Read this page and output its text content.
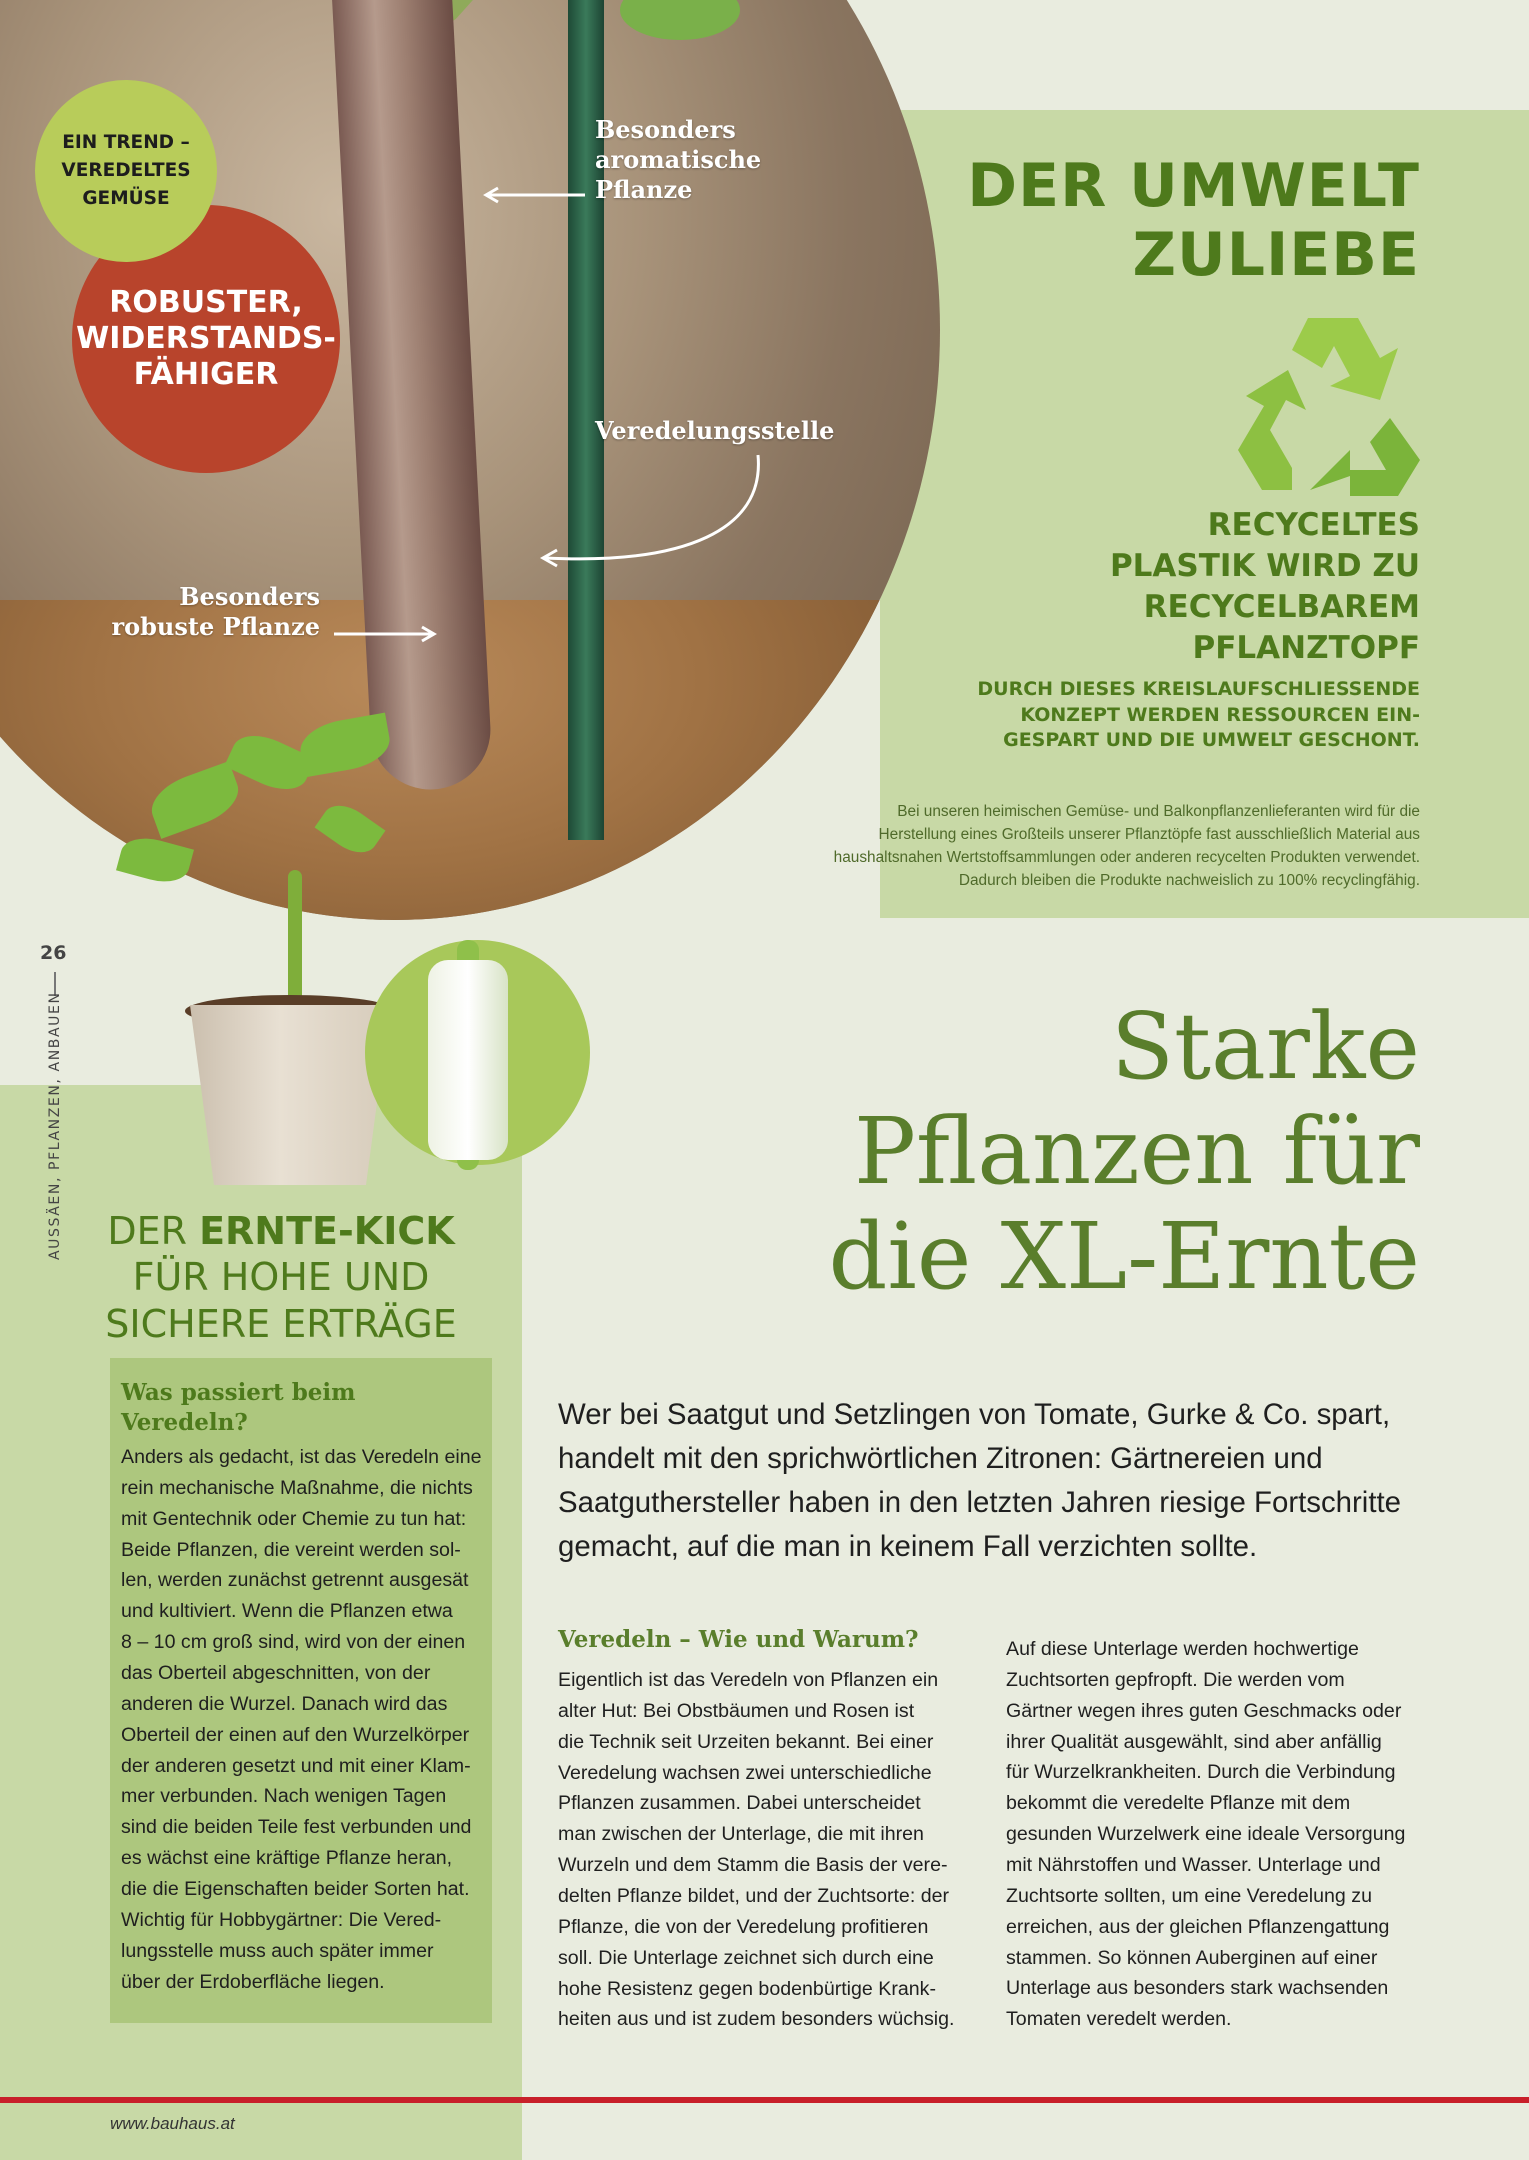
Besonders
aromatische
Pflanze
Veredelungsstelle
Besonders
robuste Pflanze
ROBUSTER,
WIDERSTANDS-
FÄHIGER
EIN TREND –
VEREDELTES
GEMÜSE	DER UMWELT
ZULIEBE
RECYCELTES
PLASTIK WIRD ZU
RECYCELBAREM
PFLANZTOPF
DURCH DIESES KREISLAUFSCHLIESSENDE
KONZEPT WERDEN RESSOURCEN EIN-
GESPART UND DIE UMWELT GESCHONT.
Bei unseren heimischen Gemüse- und Balkonpflanzenlieferanten wird für die
Herstellung eines Großteils unserer Pflanztöpfe fast ausschließlich Material aus
haushaltsnahen Wertstoffsammlungen oder anderen recycelten Produkten verwendet.
Dadurch bleiben die Produkte nachweislich zu 100% recyclingfähig.
26
DER ERNTE-KICK
FÜR HOHE UND
SICHERE ERTRÄGE
Was passiert beim
Veredeln?
Anders als gedacht, ist das Veredeln eine
rein mechanische Maßnahme, die nichts
mit Gentechnik oder Chemie zu tun hat:
Beide Pflanzen, die vereint werden sol-
len, werden zunächst getrennt ausgesät
und kultiviert. Wenn die Pflanzen etwa
8 – 10 cm groß sind, wird von der einen
das Oberteil abgeschnitten, von der
anderen die Wurzel. Danach wird das
Oberteil der einen auf den Wurzelkörper
der anderen gesetzt und mit einer Klam-
mer verbunden. Nach wenigen Tagen
sind die beiden Teile fest verbunden und
es wächst eine kräftige Pflanze heran,
die die Eigenschaften beider Sorten hat.
Wichtig für Hobbygärtner: Die Vered-
lungsstelle muss auch später immer
über der Erdoberfläche liegen.
Starke
Pflanzen für
die XL-Ernte
Wer bei Saatgut und Setzlingen von Tomate, Gurke & Co. spart,
handelt mit den sprichwörtlichen Zitronen: Gärtnereien und
Saatguthersteller haben in den letzten Jahren riesige Fortschritte
gemacht, auf die man in keinem Fall verzichten sollte.
Veredeln – Wie und Warum?
Eigentlich ist das Veredeln von Pflanzen ein
alter Hut: Bei Obstbäumen und Rosen ist
die Technik seit Urzeiten bekannt. Bei einer
Veredelung wachsen zwei unterschiedliche
Pflanzen zusammen. Dabei unterscheidet
man zwischen der Unterlage, die mit ihren
Wurzeln und dem Stamm die Basis der vere-
delten Pflanze bildet, und der Zuchtsorte: der
Pflanze, die von der Veredelung profitieren
soll. Die Unterlage zeichnet sich durch eine
hohe Resistenz gegen bodenbürtige Krank-
heiten aus und ist zudem besonders wüchsig.
Auf diese Unterlage werden hochwertige
Zuchtsorten gepfropft. Die werden vom
Gärtner wegen ihres guten Geschmacks oder
ihrer Qualität ausgewählt, sind aber anfällig
für Wurzelkrankheiten. Durch die Verbindung
bekommt die veredelte Pflanze mit dem
gesunden Wurzelwerk eine ideale Versorgung
mit Nährstoffen und Wasser. Unterlage und
Zuchtsorte sollten, um eine Veredelung zu
erreichen, aus der gleichen Pflanzengattung
stammen. So können Auberginen auf einer
Unterlage aus besonders stark wachsenden
Tomaten veredelt werden.
www.bauhaus.at
